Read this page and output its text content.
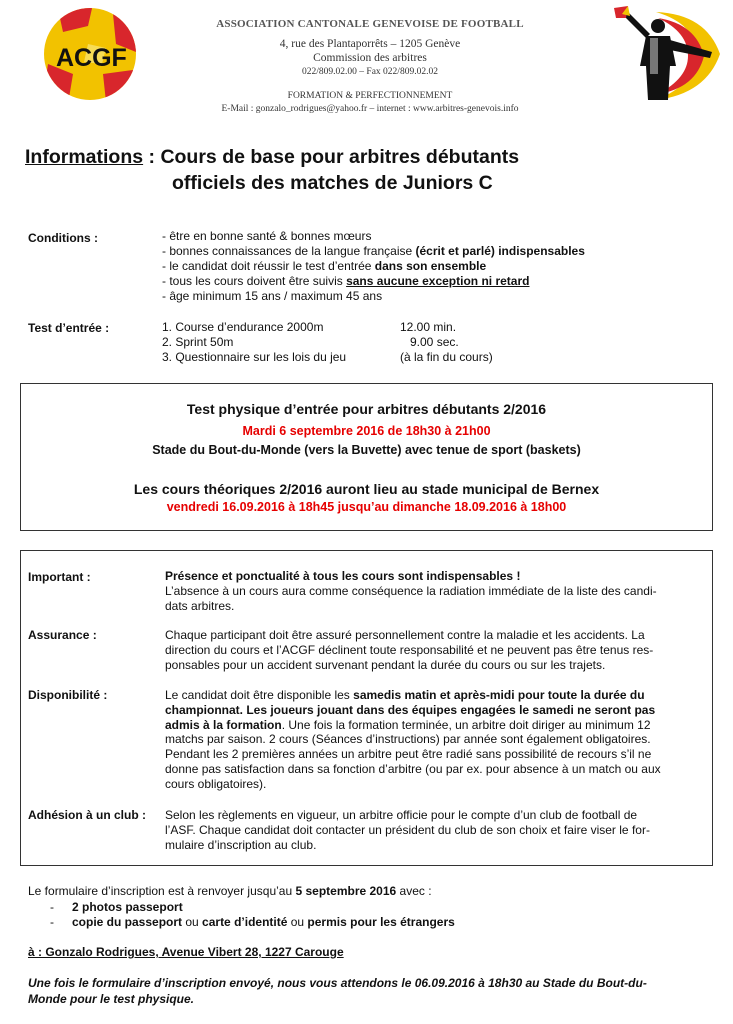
ACGF
ASSOCIATION CANTONALE GENEVOISE DE FOOTBALL
4, rue des Plantaporrêts – 1205 Genève
Commission des arbitres
022/809.02.00 – Fax 022/809.02.02
FORMATION & PERFECTIONNEMENT
E-Mail : gonzalo_rodrigues@yahoo.fr – internet : www.arbitres-genevois.info
Informations : Cours de base pour arbitres débutants
officiels des matches de Juniors C
Conditions :	- être en bonne santé & bonnes mœurs
- bonnes connaissances de la langue française (écrit et parlé) indispensables
- le candidat doit réussir le test d’entrée dans son ensemble
- tous les cours doivent être suivis sans aucune exception ni retard
- âge minimum 15 ans / maximum 45 ans
Test d’entrée :	1. Course d’endurance 2000m	12.00 min.
2. Sprint 50m	9.00 sec.
3. Questionnaire sur les lois du jeu	(à la fin du cours)
Test physique d’entrée pour arbitres débutants 2/2016
Mardi 6 septembre 2016 de 18h30 à 21h00
Stade du Bout-du-Monde (vers la Buvette) avec tenue de sport (baskets)
Les cours théoriques 2/2016 auront lieu au stade municipal de Bernex
vendredi 16.09.2016 à 18h45 jusqu’au dimanche 18.09.2016 à 18h00
Important :	Présence et ponctualité à tous les cours sont indispensables !
L’absence à un cours aura comme conséquence la radiation immédiate de la liste des candi-
dats arbitres.
Assurance :	Chaque participant doit être assuré personnellement contre la maladie et les accidents. La
direction du cours et l’ACGF déclinent toute responsabilité et ne peuvent pas être tenus res-
ponsables pour un accident survenant pendant la durée du cours ou sur les trajets.
Disponibilité :	Le candidat doit être disponible les samedis matin et après-midi pour toute la durée du
championnat. Les joueurs jouant dans des équipes engagées le samedi ne seront pas
admis à la formation. Une fois la formation terminée, un arbitre doit diriger au minimum 12
matchs par saison. 2 cours (Séances d’instructions) par année sont également obligatoires.
Pendant les 2 premières années un arbitre peut être radié sans possibilité de recours s’il ne
donne pas satisfaction dans sa fonction d’arbitre (ou par ex. pour absence à un match ou aux
cours obligatoires).
Adhésion à un club : Selon les règlements en vigueur, un arbitre officie pour le compte d’un club de football de
l’ASF. Chaque candidat doit contacter un président du club de son choix et faire viser le for-
mulaire d’inscription au club.
Le formulaire d’inscription est à renvoyer jusqu’au 5 septembre 2016 avec :
- 2 photos passeport
- copie du passeport ou carte d’identité ou permis pour les étrangers
à : Gonzalo Rodrigues, Avenue Vibert 28, 1227 Carouge
Une fois le formulaire d’inscription envoyé, nous vous attendons le 06.09.2016 à 18h30 au Stade du Bout-du-
Monde pour le test physique.
